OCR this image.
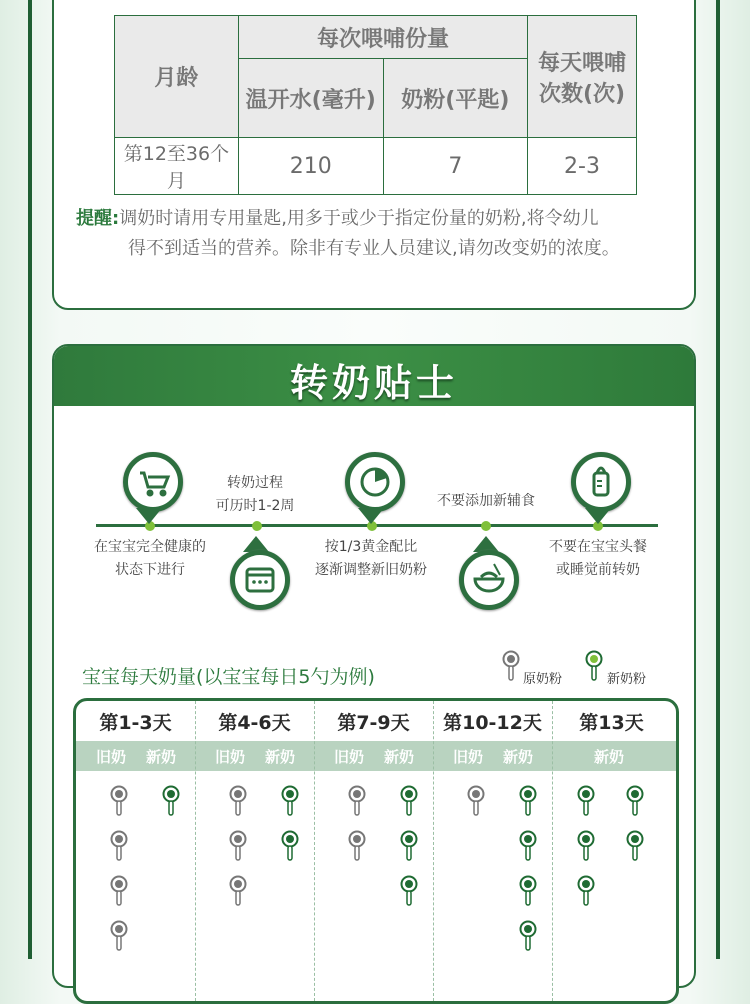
月龄	每次喂哺份量		每天喂哺
次数(次)
	温开水(毫升)	奶粉(平匙)	
第12至36个月	210	7	2-3
提醒:调奶时请用专用量匙,用多于或少于指定份量的奶粉,将令幼儿
得不到适当的营养。除非有专业人员建议,请勿改变奶的浓度。
转奶贴士
在宝宝完全健康的
状态下进行
转奶过程
可历时1-2周
按1/3黄金配比
逐渐调整新旧奶粉
不要添加新辅食
不要在宝宝头餐
或睡觉前转奶
宝宝每天奶量(以宝宝每日5勺为例)	原奶粉	新奶粉
第1-3天
旧奶 新奶
第4-6天
旧奶 新奶
第7-9天
旧奶 新奶
第10-12天
旧奶 新奶
第13天
新奶
